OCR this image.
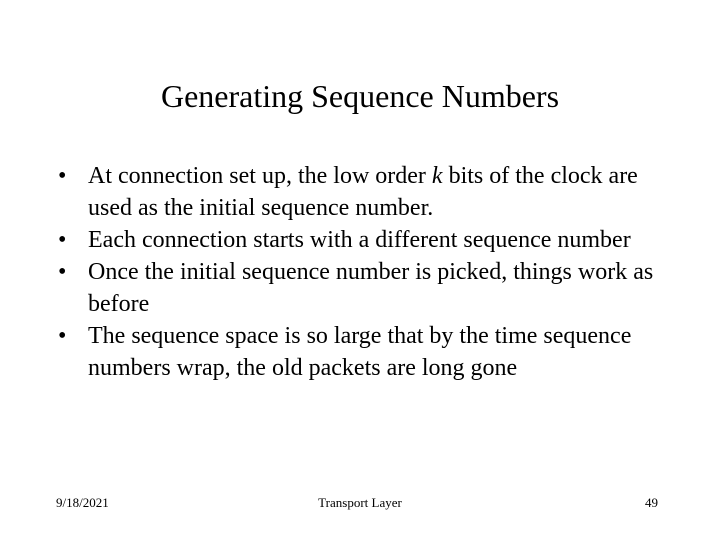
Generating Sequence Numbers
• At connection set up, the low order k bits of the clock are used as the initial sequence number.
• Each connection starts with a different sequence number
• Once the initial sequence number is picked, things work as before
• The sequence space is so large that by the time sequence numbers wrap, the old packets are long gone
9/18/2021	Transport Layer	49
